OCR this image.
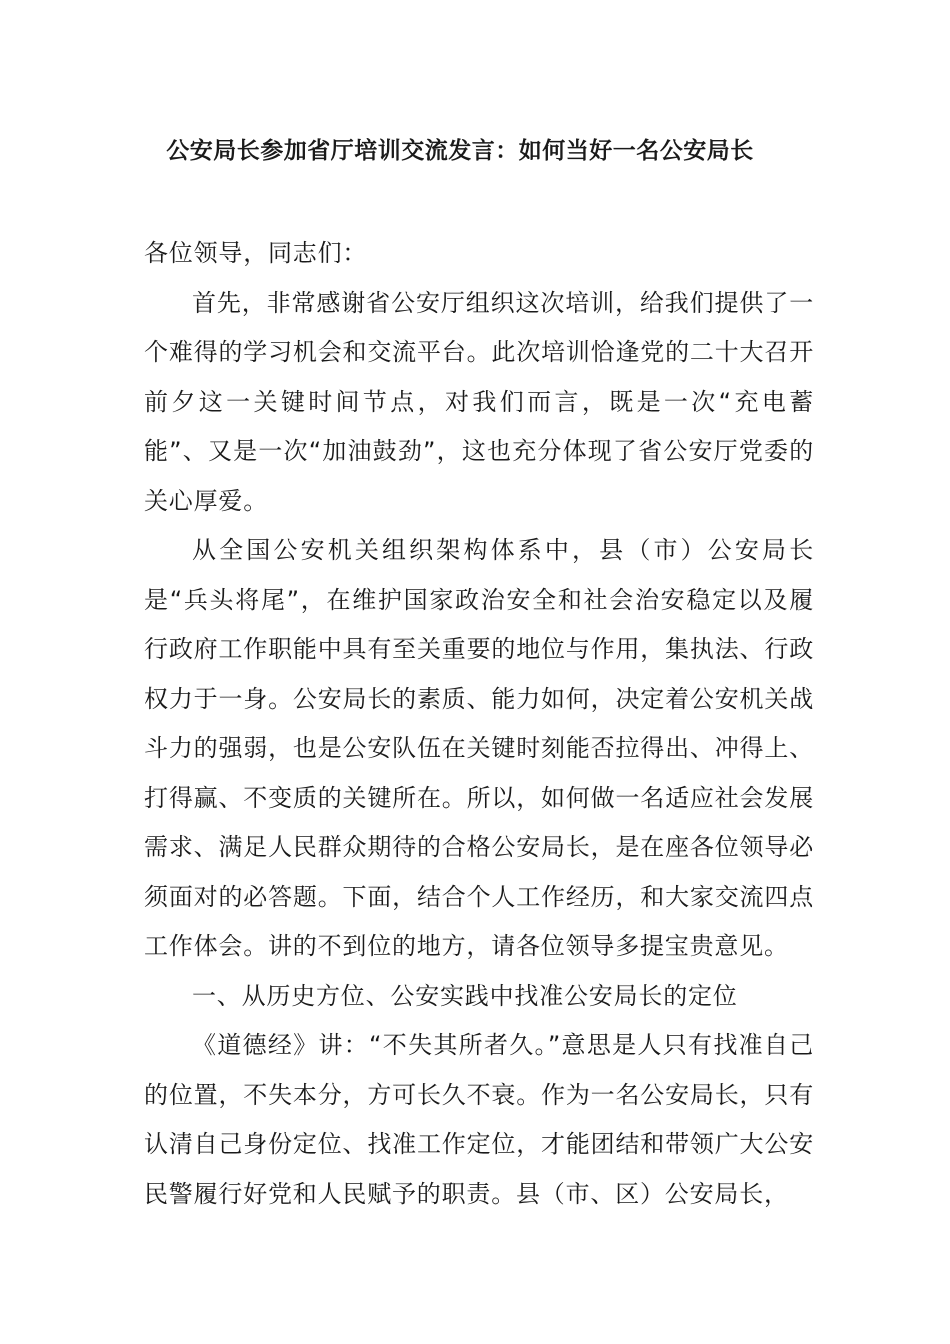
公安局长参加省厅培训交流发言：如何当好一名公安局长

各位领导，同志们：

首先，非常感谢省公安厅组织这次培训，给我们提供了一个难得的学习机会和交流平台。此次培训恰逢党的二十大召开前夕这一关键时间节点，对我们而言，既是一次“充电蓄能”、又是一次“加油鼓劲”，这也充分体现了省公安厅党委的关心厚爱。

从全国公安机关组织架构体系中，县（市）公安局长是“兵头将尾”，在维护国家政治安全和社会治安稳定以及履行政府工作职能中具有至关重要的地位与作用，集执法、行政权力于一身。公安局长的素质、能力如何，决定着公安机关战斗力的强弱，也是公安队伍在关键时刻能否拉得出、冲得上、打得赢、不变质的关键所在。所以，如何做一名适应社会发展需求、满足人民群众期待的合格公安局长，是在座各位领导必须面对的必答题。下面，结合个人工作经历，和大家交流四点工作体会。讲的不到位的地方，请各位领导多提宝贵意见。

一、从历史方位、公安实践中找准公安局长的定位

《道德经》讲：“不失其所者久。”意思是人只有找准自己的位置，不失本分，方可长久不衰。作为一名公安局长，只有认清自己身份定位、找准工作定位，才能团结和带领广大公安民警履行好党和人民赋予的职责。县（市、区）公安局长，
